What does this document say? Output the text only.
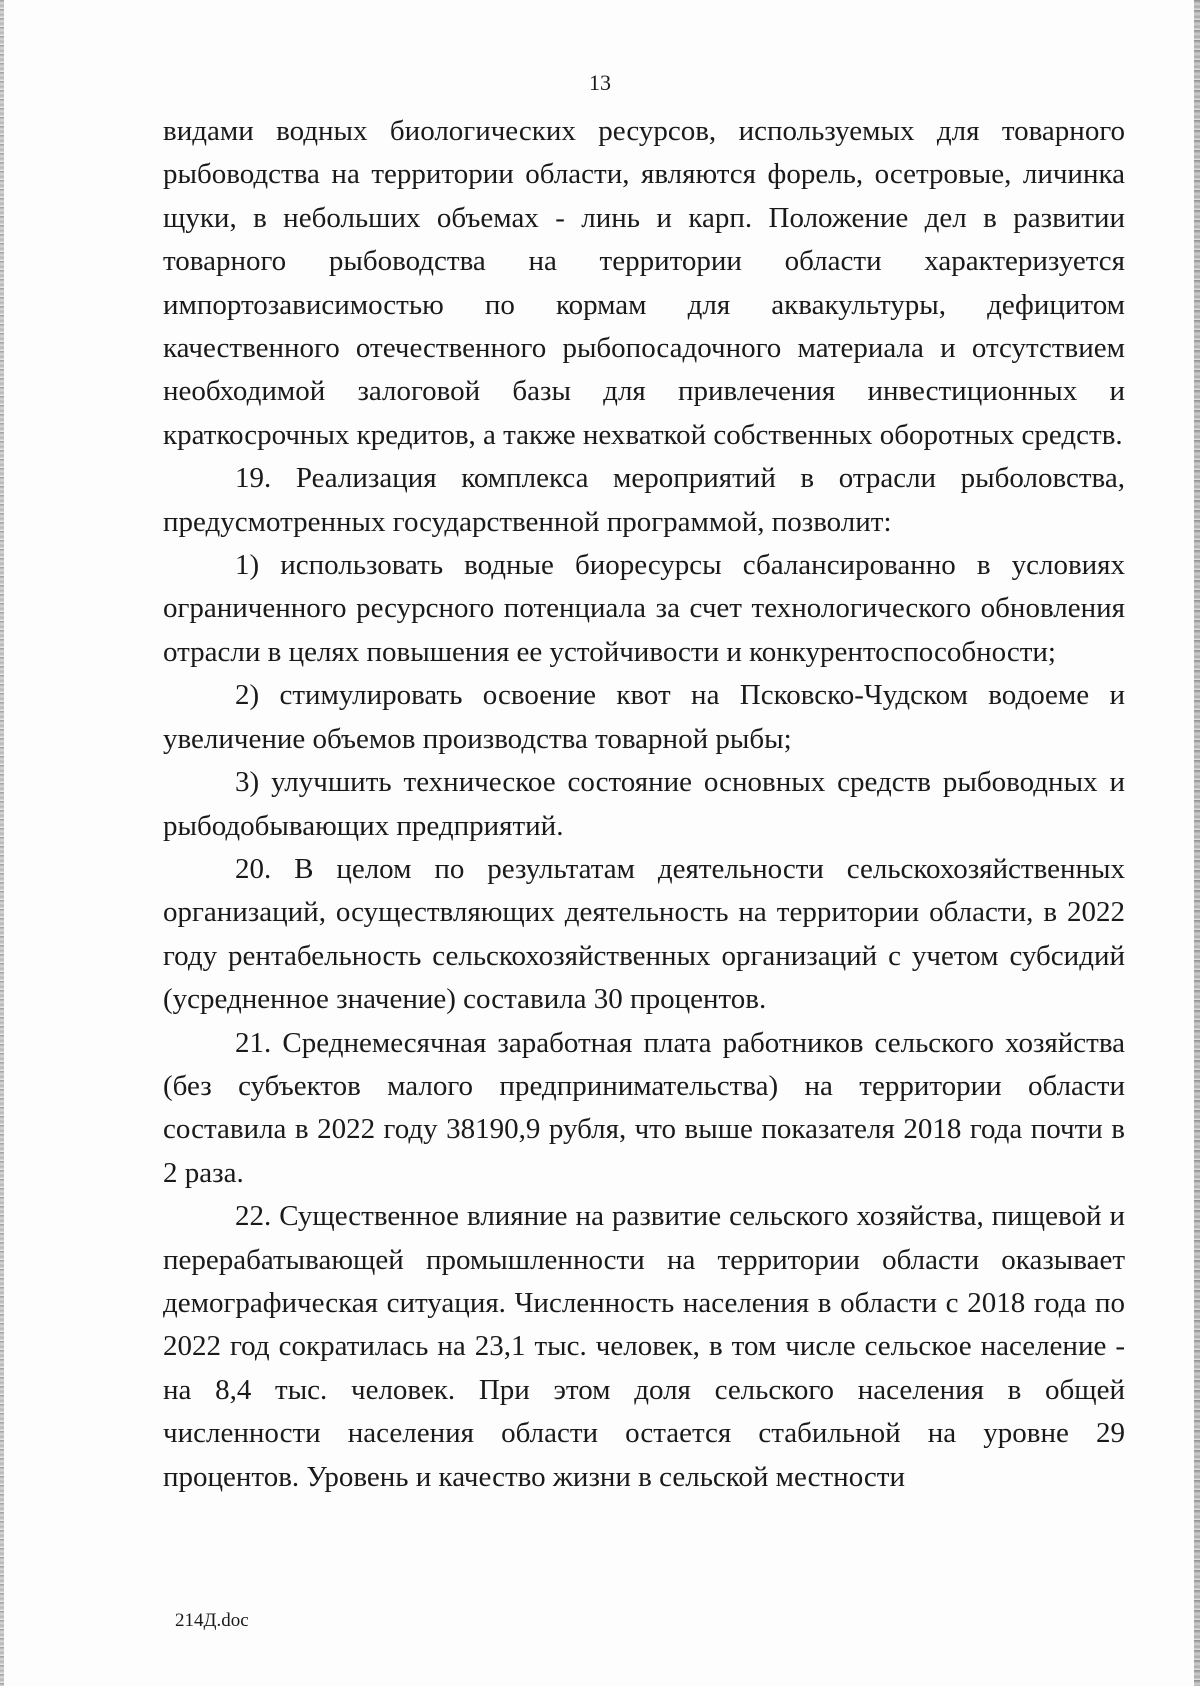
13

видами водных биологических ресурсов, используемых для товарного рыбоводства на территории области, являются форель, осетровые, личинка щуки, в небольших объемах - линь и карп. Положение дел в развитии товарного рыбоводства на территории области характеризуется импортозависимостью по кормам для аквакультуры, дефицитом качественного отечественного рыбопосадочного материала и отсутствием необходимой залоговой базы для привлечения инвестиционных и краткосрочных кредитов, а также нехваткой собственных оборотных средств.

19. Реализация комплекса мероприятий в отрасли рыболовства, предусмотренных государственной программой, позволит:

1) использовать водные биоресурсы сбалансированно в условиях ограниченного ресурсного потенциала за счет технологического обновления отрасли в целях повышения ее устойчивости и конкурентоспособности;

2) стимулировать освоение квот на Псковско-Чудском водоеме и увеличение объемов производства товарной рыбы;

3) улучшить техническое состояние основных средств рыбоводных и рыбодобывающих предприятий.

20. В целом по результатам деятельности сельскохозяйственных организаций, осуществляющих деятельность на территории области, в 2022 году рентабельность сельскохозяйственных организаций с учетом субсидий (усредненное значение) составила 30 процентов.

21. Среднемесячная заработная плата работников сельского хозяйства (без субъектов малого предпринимательства) на территории области составила в 2022 году 38190,9 рубля, что выше показателя 2018 года почти в 2 раза.

22. Существенное влияние на развитие сельского хозяйства, пищевой и перерабатывающей промышленности на территории области оказывает демографическая ситуация. Численность населения в области с 2018 года по 2022 год сократилась на 23,1 тыс. человек, в том числе сельское население - на 8,4 тыс. человек. При этом доля сельского населения в общей численности населения области остается стабильной на уровне 29 процентов. Уровень и качество жизни в сельской местности

214Д.doc
